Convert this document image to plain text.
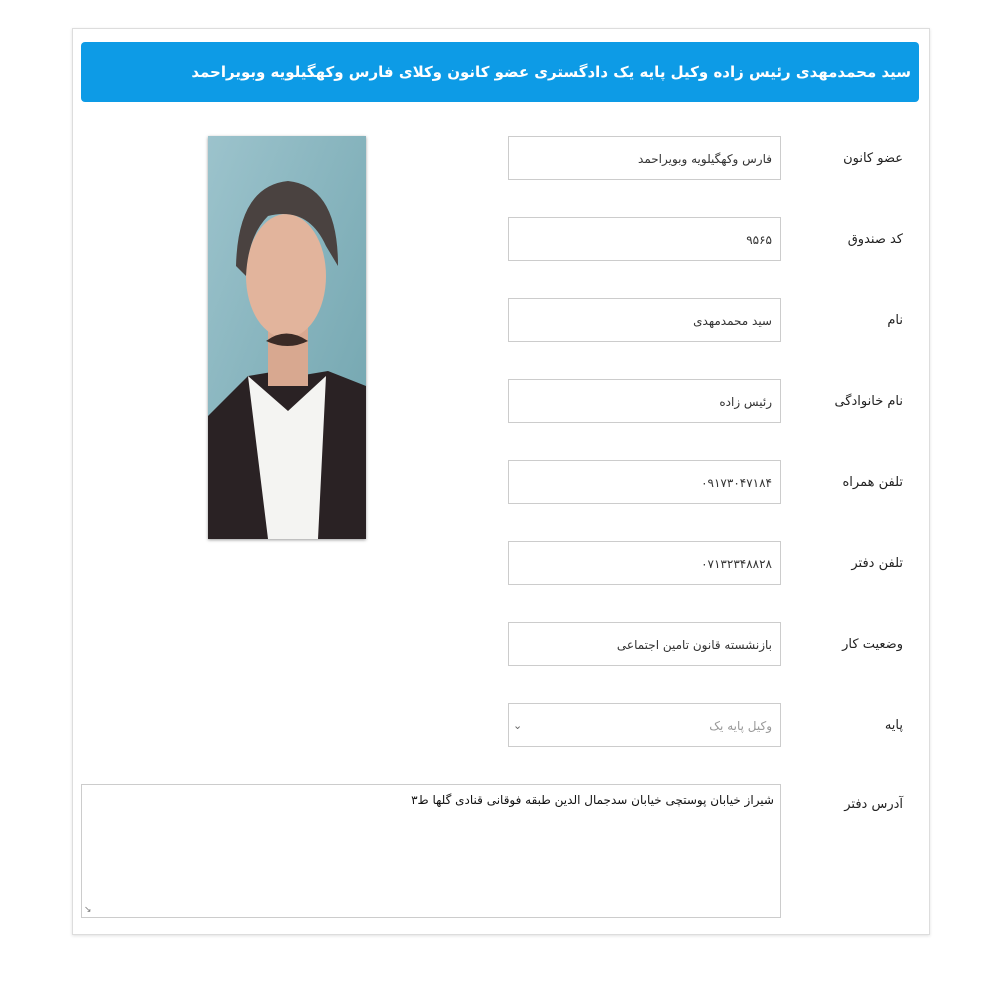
سید محمدمهدی رئیس زاده وکیل پایه یک دادگستری عضو کانون وکلای فارس وکهگیلویه وبویراحمد
عضو کانون
فارس وکهگیلویه وبویراحمد
کد صندوق
۹۵۶۵
نام
سید محمدمهدی
نام خانوادگی
رئیس زاده
تلفن همراه
۰۹۱۷۳۰۴۷۱۸۴
تلفن دفتر
۰۷۱۳۲۳۴۸۸۲۸
وضعیت کار
بازنشسته قانون تامین اجتماعی
پایه
وکیل پایه یک
⌄
آدرس دفتر
شیراز خیابان پوستچی خیابان سدجمال الدین طبقه فوقانی قنادی گلها ط۳
↘
